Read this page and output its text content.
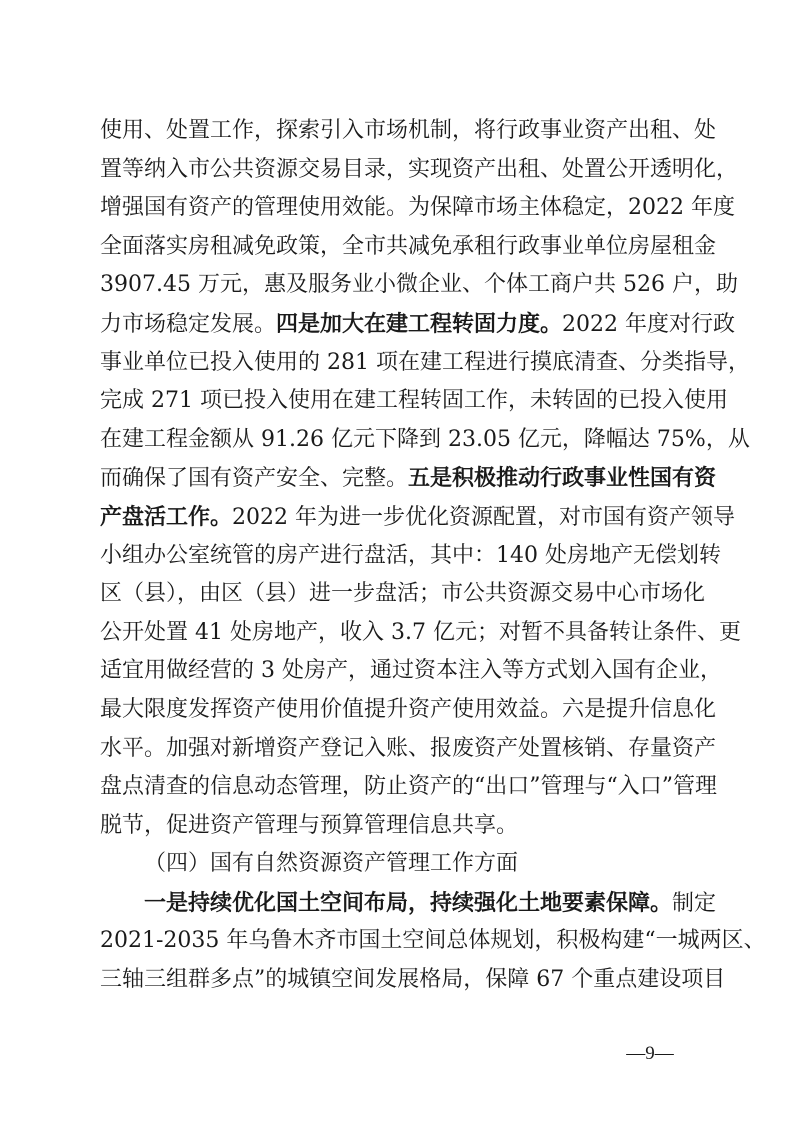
使用、处置工作，探索引入市场机制，将行政事业资产出租、处
置等纳入市公共资源交易目录，实现资产出租、处置公开透明化，
增强国有资产的管理使用效能。为保障市场主体稳定，2022 年度
全面落实房租减免政策，全市共减免承租行政事业单位房屋租金
3907.45 万元，惠及服务业小微企业、个体工商户共 526 户，助
力市场稳定发展。四是加大在建工程转固力度。2022 年度对行政
事业单位已投入使用的 281 项在建工程进行摸底清查、分类指导，
完成 271 项已投入使用在建工程转固工作，未转固的已投入使用
在建工程金额从 91.26 亿元下降到 23.05 亿元，降幅达 75%，从
而确保了国有资产安全、完整。五是积极推动行政事业性国有资
产盘活工作。2022 年为进一步优化资源配置，对市国有资产领导
小组办公室统管的房产进行盘活，其中：140 处房地产无偿划转
区（县），由区（县）进一步盘活；市公共资源交易中心市场化
公开处置 41 处房地产，收入 3.7 亿元；对暂不具备转让条件、更
适宜用做经营的 3 处房产，通过资本注入等方式划入国有企业，
最大限度发挥资产使用价值提升资产使用效益。六是提升信息化
水平。加强对新增资产登记入账、报废资产处置核销、存量资产
盘点清查的信息动态管理，防止资产的“出口”管理与“入口”管理
脱节，促进资产管理与预算管理信息共享。
（四）国有自然资源资产管理工作方面
一是持续优化国土空间布局，持续强化土地要素保障。制定
2021-2035 年乌鲁木齐市国土空间总体规划，积极构建“一城两区、
三轴三组群多点”的城镇空间发展格局，保障 67 个重点建设项目
—9—
